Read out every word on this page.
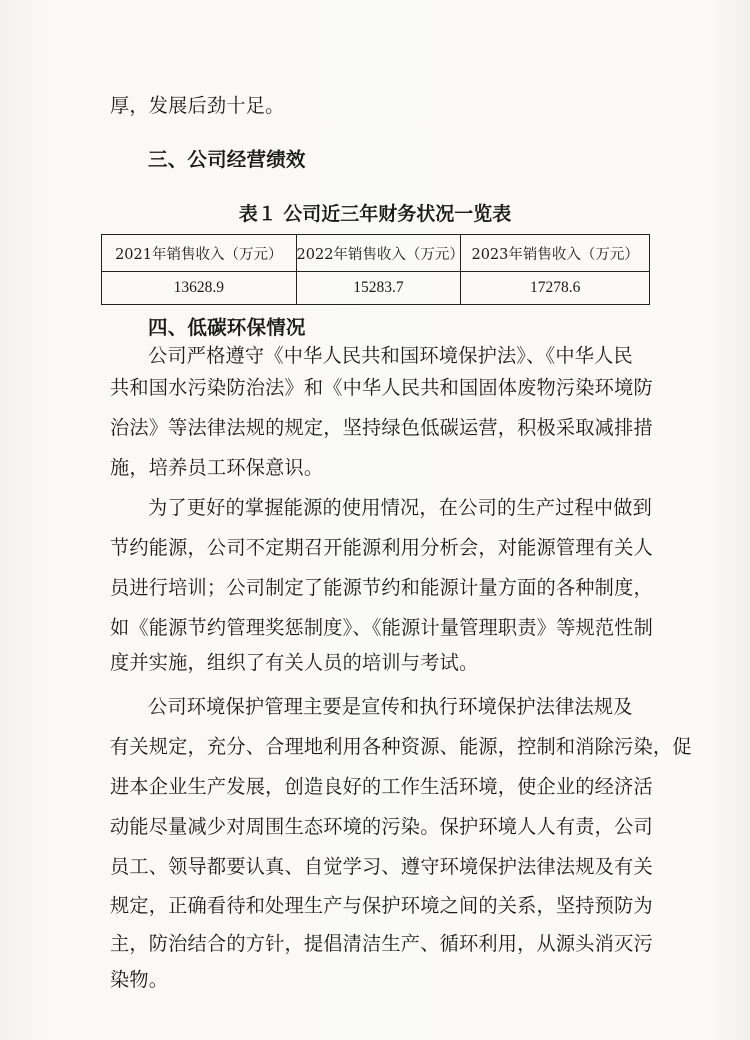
厚，发展后劲十足。
三、公司经营绩效
表１ 公司近三年财务状况一览表
2021年销售收入（万元）	2022年销售收入（万元）	2023年销售收入（万元）
13628.9	15283.7	17278.6
四、低碳环保情况
公司严格遵守《中华人民共和国环境保护法》、《中华人民
共和国水污染防治法》和《中华人民共和国固体废物污染环境防
治法》等法律法规的规定，坚持绿色低碳运营，积极采取减排措
施，培养员工环保意识。
为了更好的掌握能源的使用情况，在公司的生产过程中做到
节约能源，公司不定期召开能源利用分析会，对能源管理有关人
员进行培训；公司制定了能源节约和能源计量方面的各种制度，
如《能源节约管理奖惩制度》、《能源计量管理职责》等规范性制
度并实施，组织了有关人员的培训与考试。
公司环境保护管理主要是宣传和执行环境保护法律法规及
有关规定，充分、合理地利用各种资源、能源，控制和消除污染，促
进本企业生产发展，创造良好的工作生活环境，使企业的经济活
动能尽量减少对周围生态环境的污染。保护环境人人有责，公司
员工、领导都要认真、自觉学习、遵守环境保护法律法规及有关
规定，正确看待和处理生产与保护环境之间的关系，坚持预防为
主，防治结合的方针，提倡清洁生产、循环利用，从源头消灭污
染物。
